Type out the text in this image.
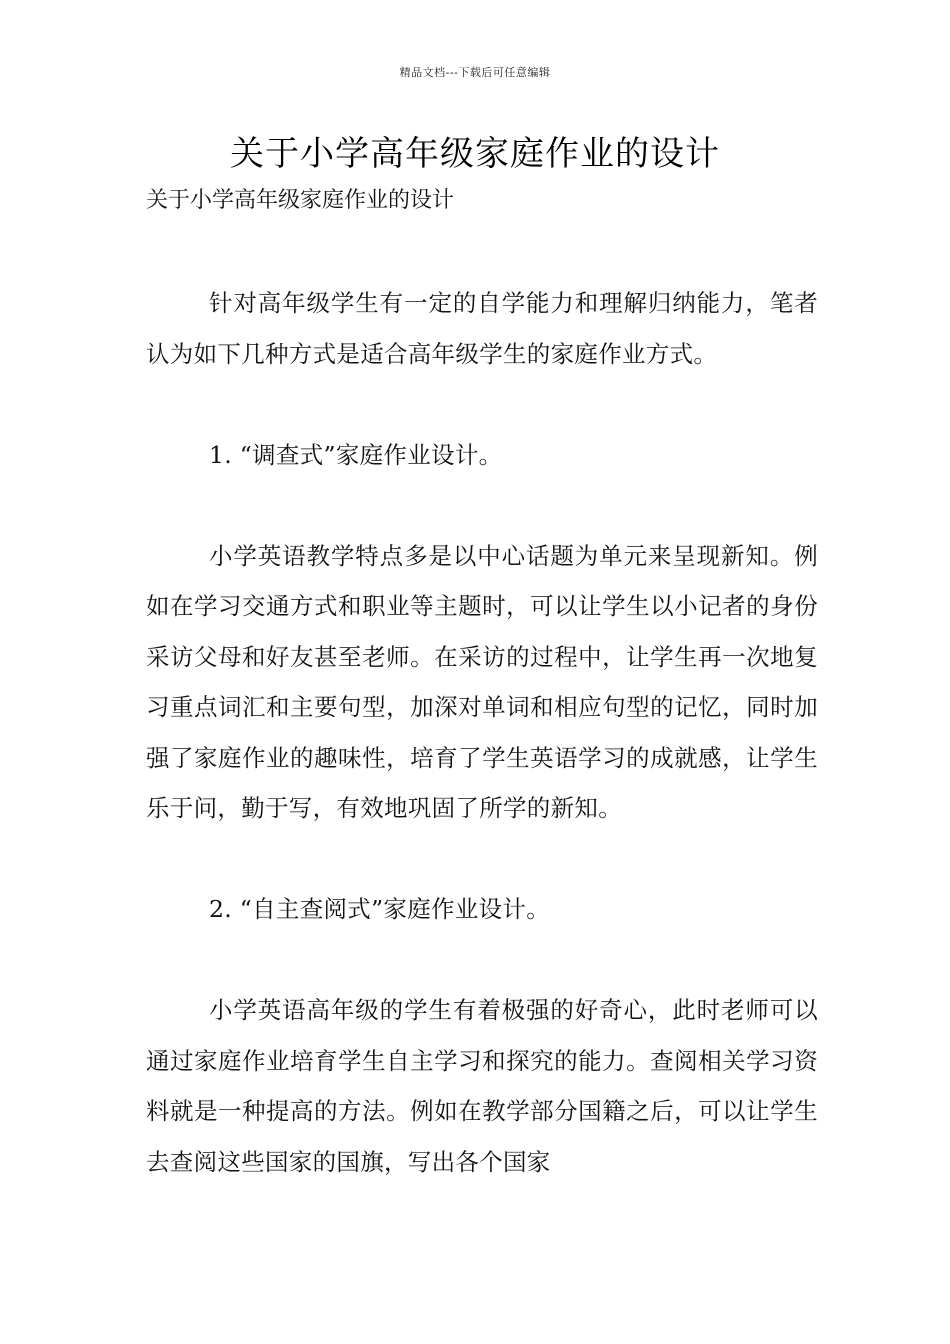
精品文档---下载后可任意编辑
关于小学高年级家庭作业的设计
关于小学高年级家庭作业的设计

针对高年级学生有一定的自学能力和理解归纳能力，笔者认为如下几种方式是适合高年级学生的家庭作业方式。

1. “调查式”家庭作业设计。

小学英语教学特点多是以中心话题为单元来呈现新知。例如在学习交通方式和职业等主题时，可以让学生以小记者的身份采访父母和好友甚至老师。在采访的过程中，让学生再一次地复习重点词汇和主要句型，加深对单词和相应句型的记忆，同时加强了家庭作业的趣味性，培育了学生英语学习的成就感，让学生乐于问，勤于写，有效地巩固了所学的新知。

2. “自主查阅式”家庭作业设计。

小学英语高年级的学生有着极强的好奇心，此时老师可以通过家庭作业培育学生自主学习和探究的能力。查阅相关学习资料就是一种提高的方法。例如在教学部分国籍之后，可以让学生去查阅这些国家的国旗，写出各个国家
